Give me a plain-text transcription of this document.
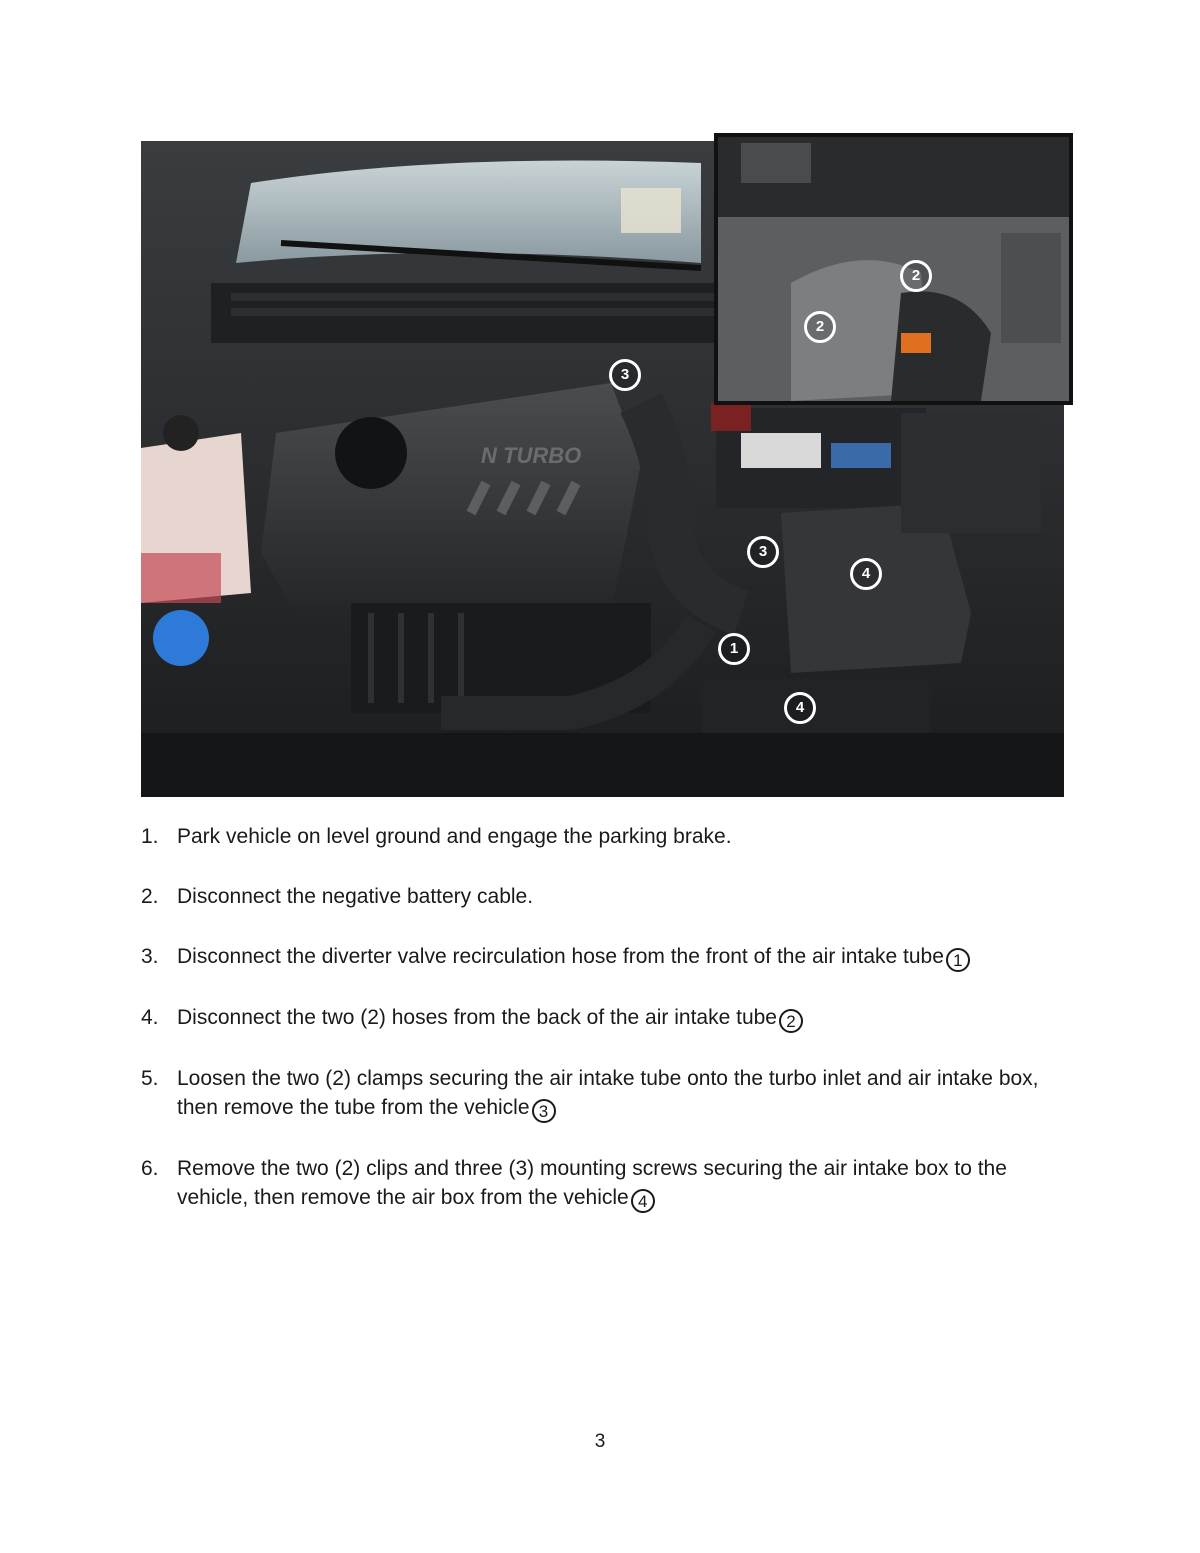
N TURBO
3
3
4
1
4
2
2
1. Park vehicle on level ground and engage the parking brake.
2. Disconnect the negative battery cable.
3. Disconnect the diverter valve recirculation hose from the front of the air intake tube 1
4. Disconnect the two (2) hoses from the back of the air intake tube 2
5. Loosen the two (2) clamps securing the air intake tube onto the turbo inlet and air intake box, then remove the tube from the vehicle 3
6. Remove the two (2) clips and three (3) mounting screws securing the air intake box to the vehicle, then remove the air box from the vehicle 4
3
